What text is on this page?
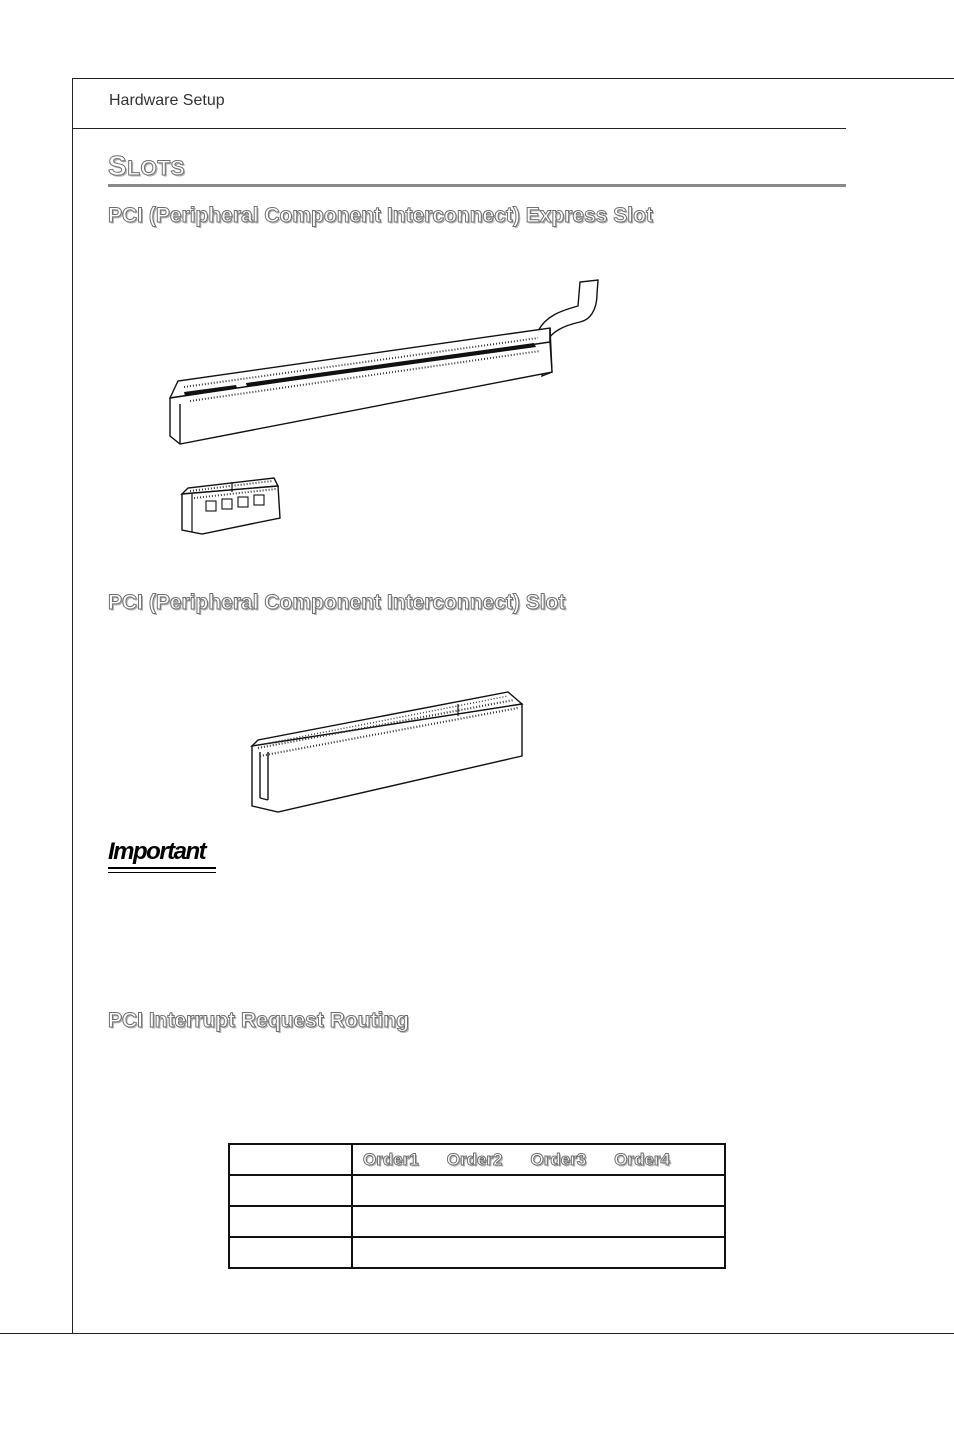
Hardware Setup
SLOTS
PCI (Peripheral Component Interconnect) Express Slot
PCI (Peripheral Component Interconnect) Slot
Important
PCI Interrupt Request Routing

	Order1 Order2 Order3 Order4
